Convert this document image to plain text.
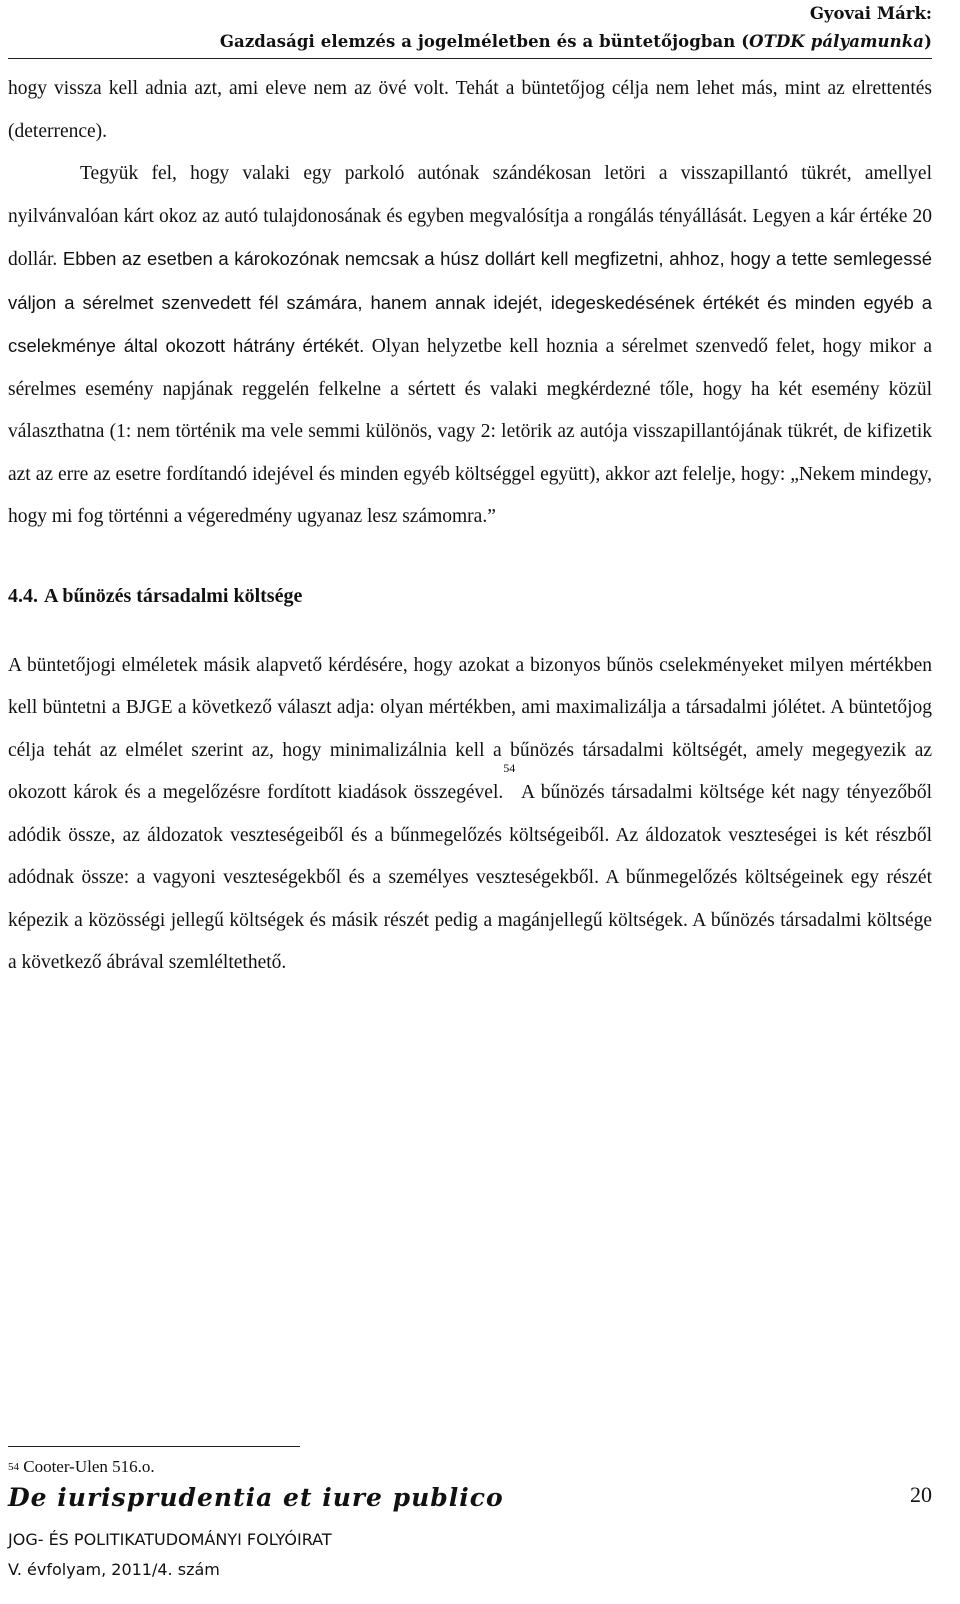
Gyovai Márk:
Gazdasági elemzés a jogelméletben és a büntetőjogban (OTDK pályamunka)

hogy vissza kell adnia azt, ami eleve nem az övé volt. Tehát a büntetőjog célja nem lehet más, mint az elrettentés (deterrence).

Tegyük fel, hogy valaki egy parkoló autónak szándékosan letöri a visszapillantó tükrét, amellyel nyilvánvalóan kárt okoz az autó tulajdonosának és egyben megvalósítja a rongálás tényállását. Legyen a kár értéke 20 dollár. Ebben az esetben a károkozónak nemcsak a húsz dollárt kell megfizetni, ahhoz, hogy a tette semlegessé váljon a sérelmet szenvedett fél számára, hanem annak idejét, idegeskedésének értékét és minden egyéb a cselekménye által okozott hátrány értékét. Olyan helyzetbe kell hoznia a sérelmet szenvedő felet, hogy mikor a sérelmes esemény napjának reggelén felkelne a sértett és valaki megkérdezné tőle, hogy ha két esemény közül választhatna (1: nem történik ma vele semmi különös, vagy 2: letörik az autója visszapillantójának tükrét, de kifizetik azt az erre az esetre fordítandó idejével és minden egyéb költséggel együtt), akkor azt felelje, hogy: „Nekem mindegy, hogy mi fog történni a végeredmény ugyanaz lesz számomra.”

4.4. A bűnözés társadalmi költsége

A büntetőjogi elméletek másik alapvető kérdésére, hogy azokat a bizonyos bűnös cselekményeket milyen mértékben kell büntetni a BJGE a következő választ adja: olyan mértékben, ami maximalizálja a társadalmi jólétet. A büntetőjog célja tehát az elmélet szerint az, hogy minimalizálnia kell a bűnözés társadalmi költségét, amely megegyezik az okozott károk és a megelőzésre fordított kiadások összegével.$^{54}$ A bűnözés társadalmi költsége két nagy tényezőből adódik össze, az áldozatok veszteségeiből és a bűnmegelőzés költségeiből. Az áldozatok veszteségei is két részből adódnak össze: a vagyoni veszteségekből és a személyes veszteségekből. A bűnmegelőzés költségeinek egy részét képezik a közösségi jellegű költségek és másik részét pedig a magánjellegű költségek. A bűnözés társadalmi költsége a következő ábrával szemléltethető.

$^{54}$ Cooter-Ulen 516.o.
De iurisprudentia et iure publico	20
JOG- ÉS POLITIKATUDOMÁNYI FOLYÓIRAT
V. évfolyam, 2011/4. szám
